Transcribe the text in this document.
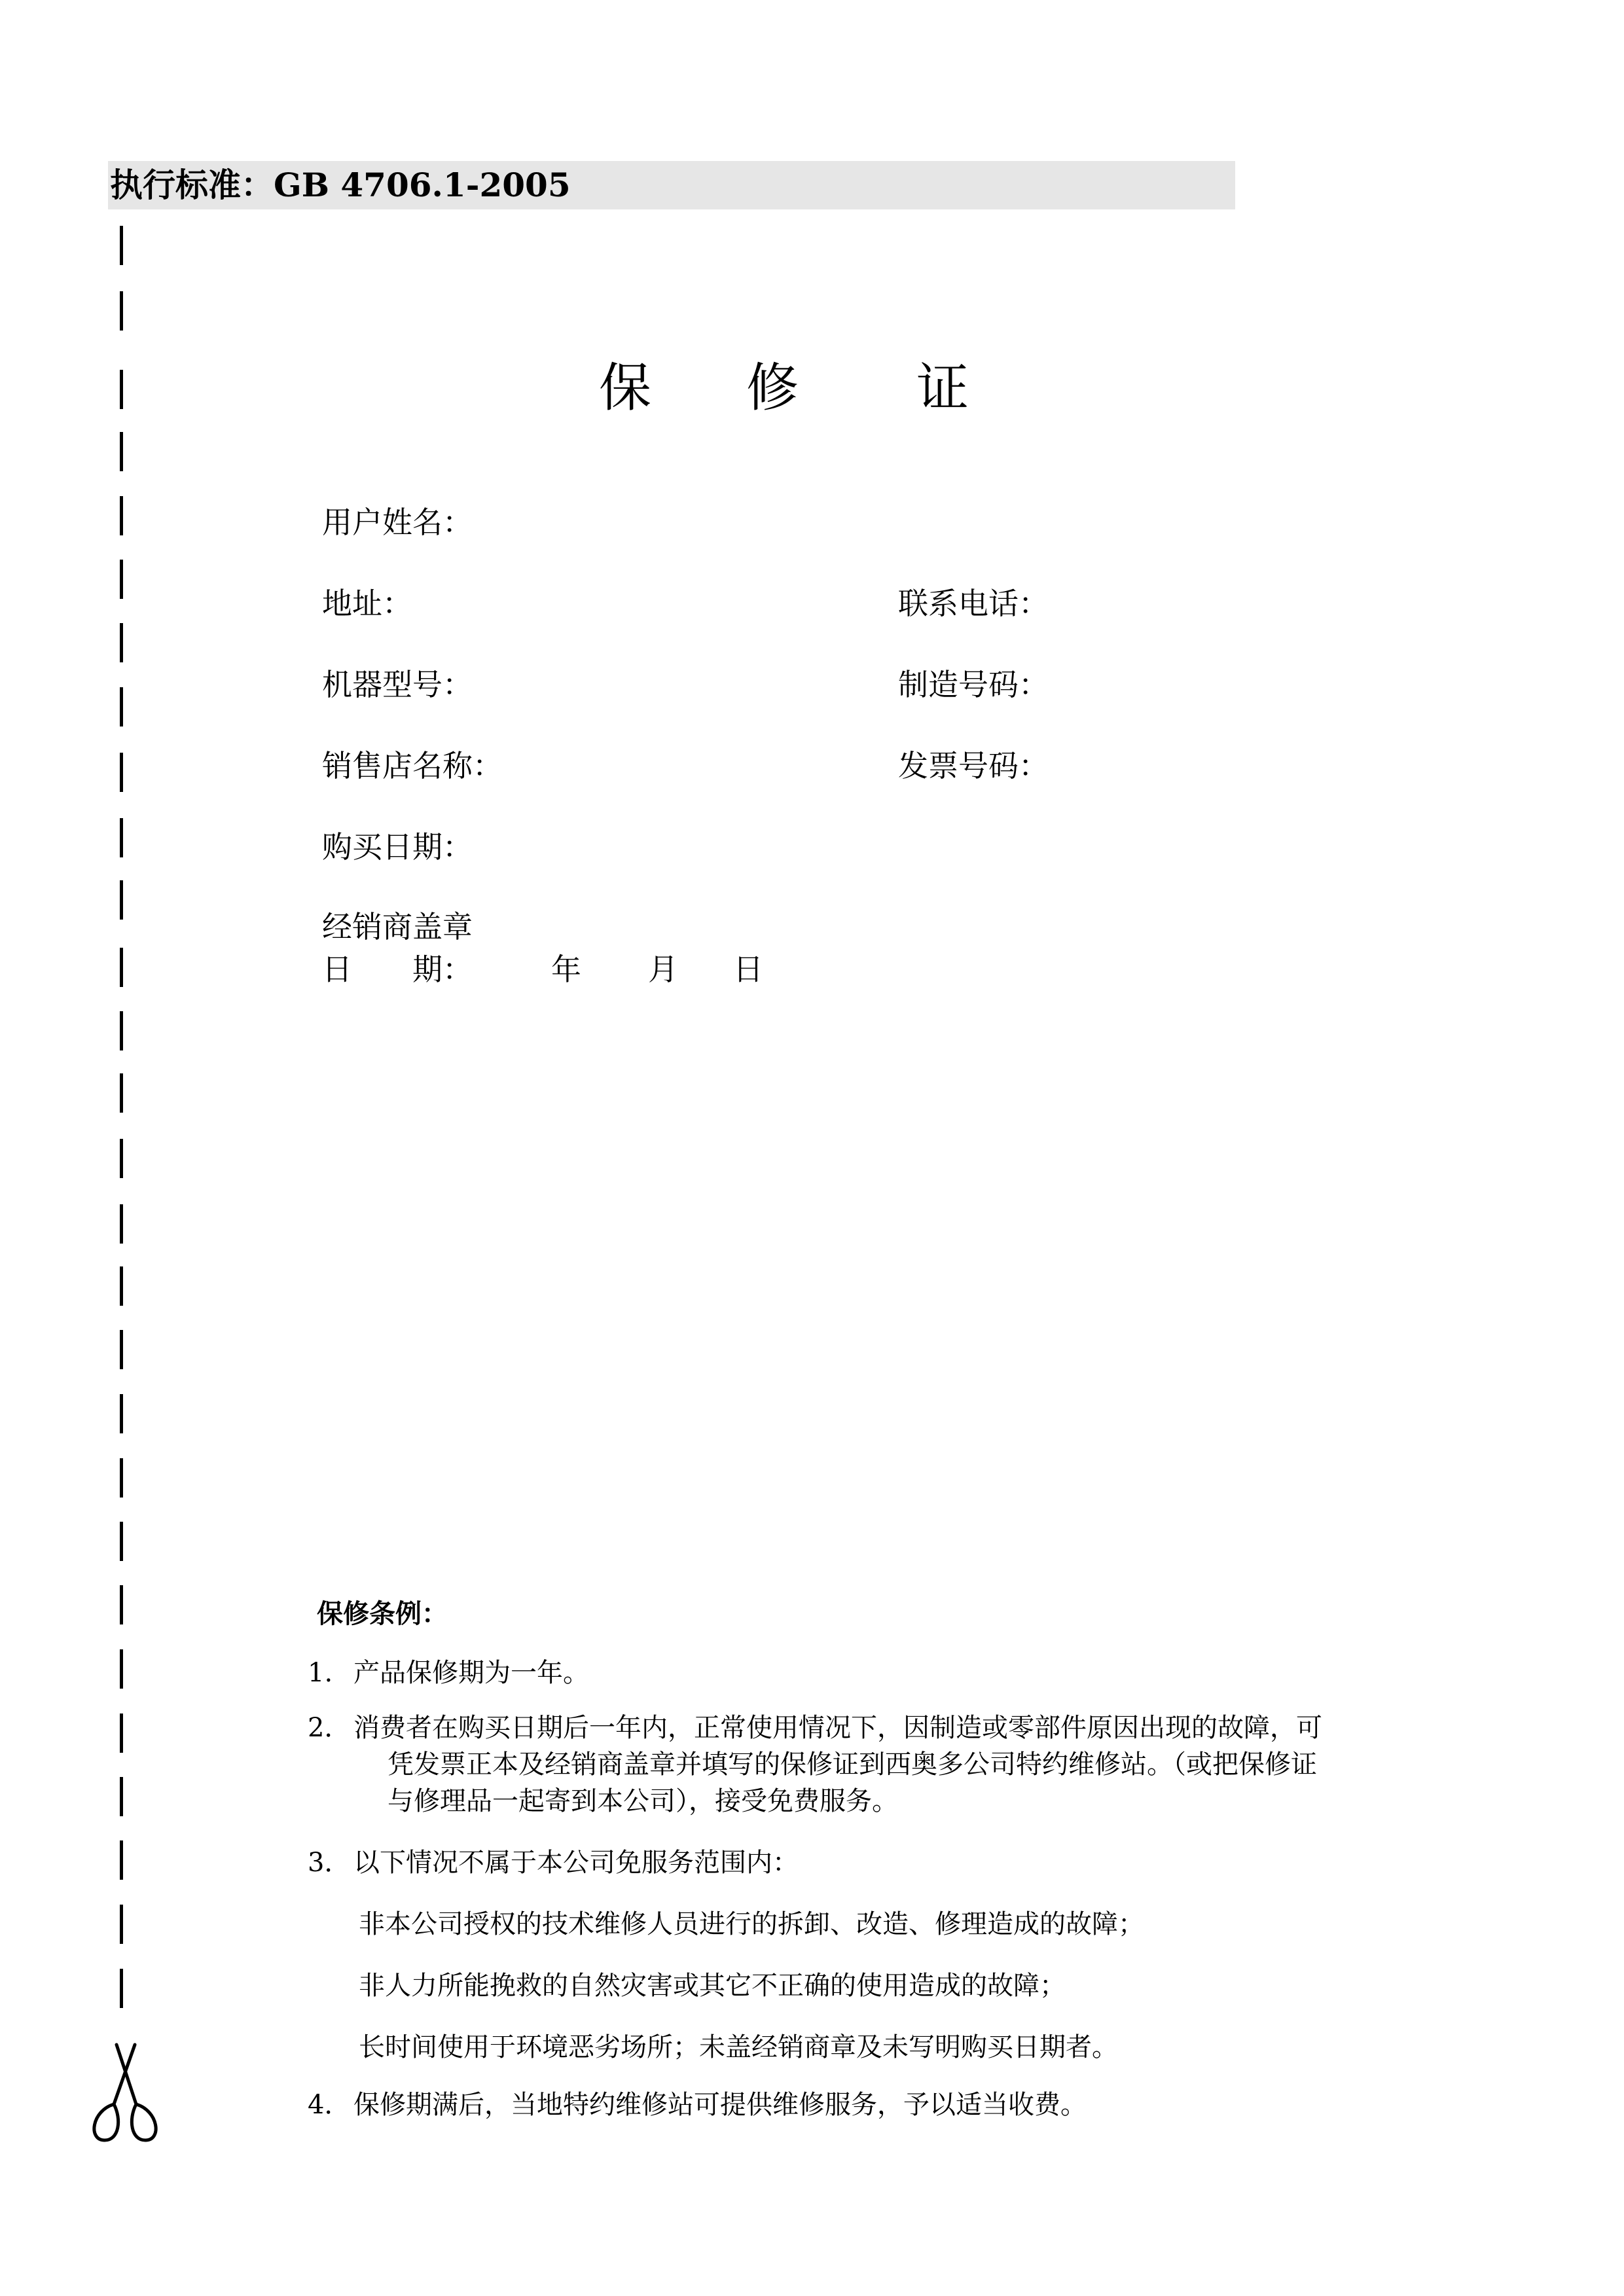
执行标准：GB 4706.1-2005
保 修 证
用户姓名：
地址：	联系电话：
机器型号：	制造号码：
销售店名称：	发票号码：
购买日期：
经销商盖章
日　　期：	年 月 日
保修条例：
1. 产品保修期为一年。
2． 消费者在购买日期后一年内，正常使用情况下，因制造或零部件原因出现的故障，可
凭发票正本及经销商盖章并填写的保修证到西奥多公司特约维修站。（或把保修证
与修理品一起寄到本公司），接受免费服务。
3． 以下情况不属于本公司免服务范围内：
非本公司授权的技术维修人员进行的拆卸、改造、修理造成的故障；
非人力所能挽救的自然灾害或其它不正确的使用造成的故障；
长时间使用于环境恶劣场所；未盖经销商章及未写明购买日期者。
4． 保修期满后，当地特约维修站可提供维修服务，予以适当收费。
